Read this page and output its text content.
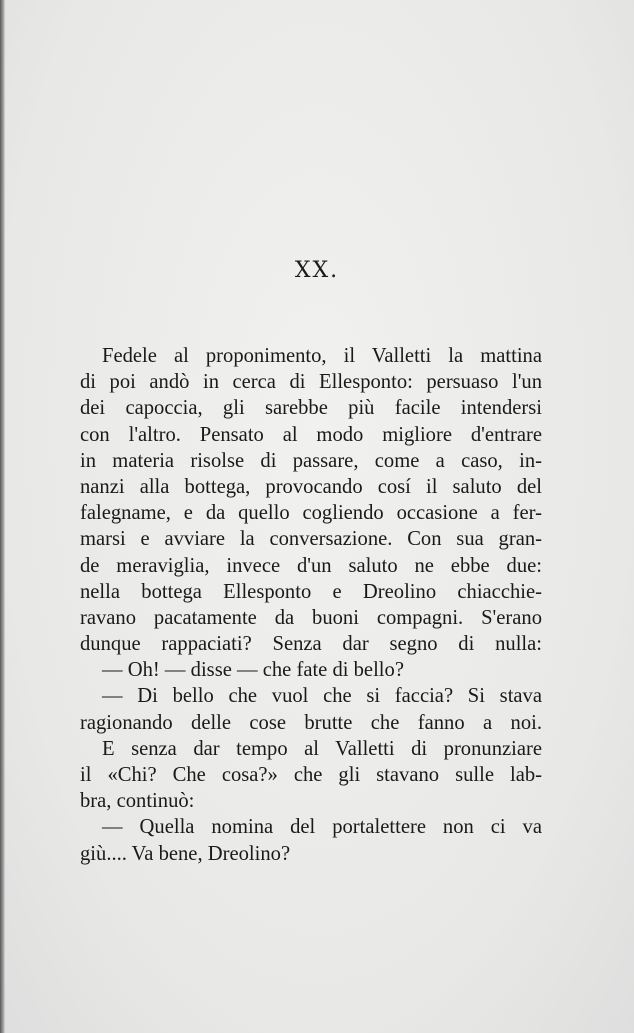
XX.
Fedele al proponimento, il Valletti la mattina
di poi andò in cerca di Ellesponto: persuaso l'un
dei capoccia, gli sarebbe più facile intendersi
con l'altro. Pensato al modo migliore d'entrare
in materia risolse di passare, come a caso, in-
nanzi alla bottega, provocando cosí il saluto del
falegname, e da quello cogliendo occasione a fer-
marsi e avviare la conversazione. Con sua gran-
de meraviglia, invece d'un saluto ne ebbe due:
nella bottega Ellesponto e Dreolino chiacchie-
ravano pacatamente da buoni compagni. S'erano
dunque rappaciati? Senza dar segno di nulla:
— Oh! — disse — che fate di bello?
— Di bello che vuol che si faccia? Si stava
ragionando delle cose brutte che fanno a noi.
E senza dar tempo al Valletti di pronunziare
il «Chi? Che cosa?» che gli stavano sulle lab-
bra, continuò:
— Quella nomina del portalettere non ci va
giù.... Va bene, Dreolino?
